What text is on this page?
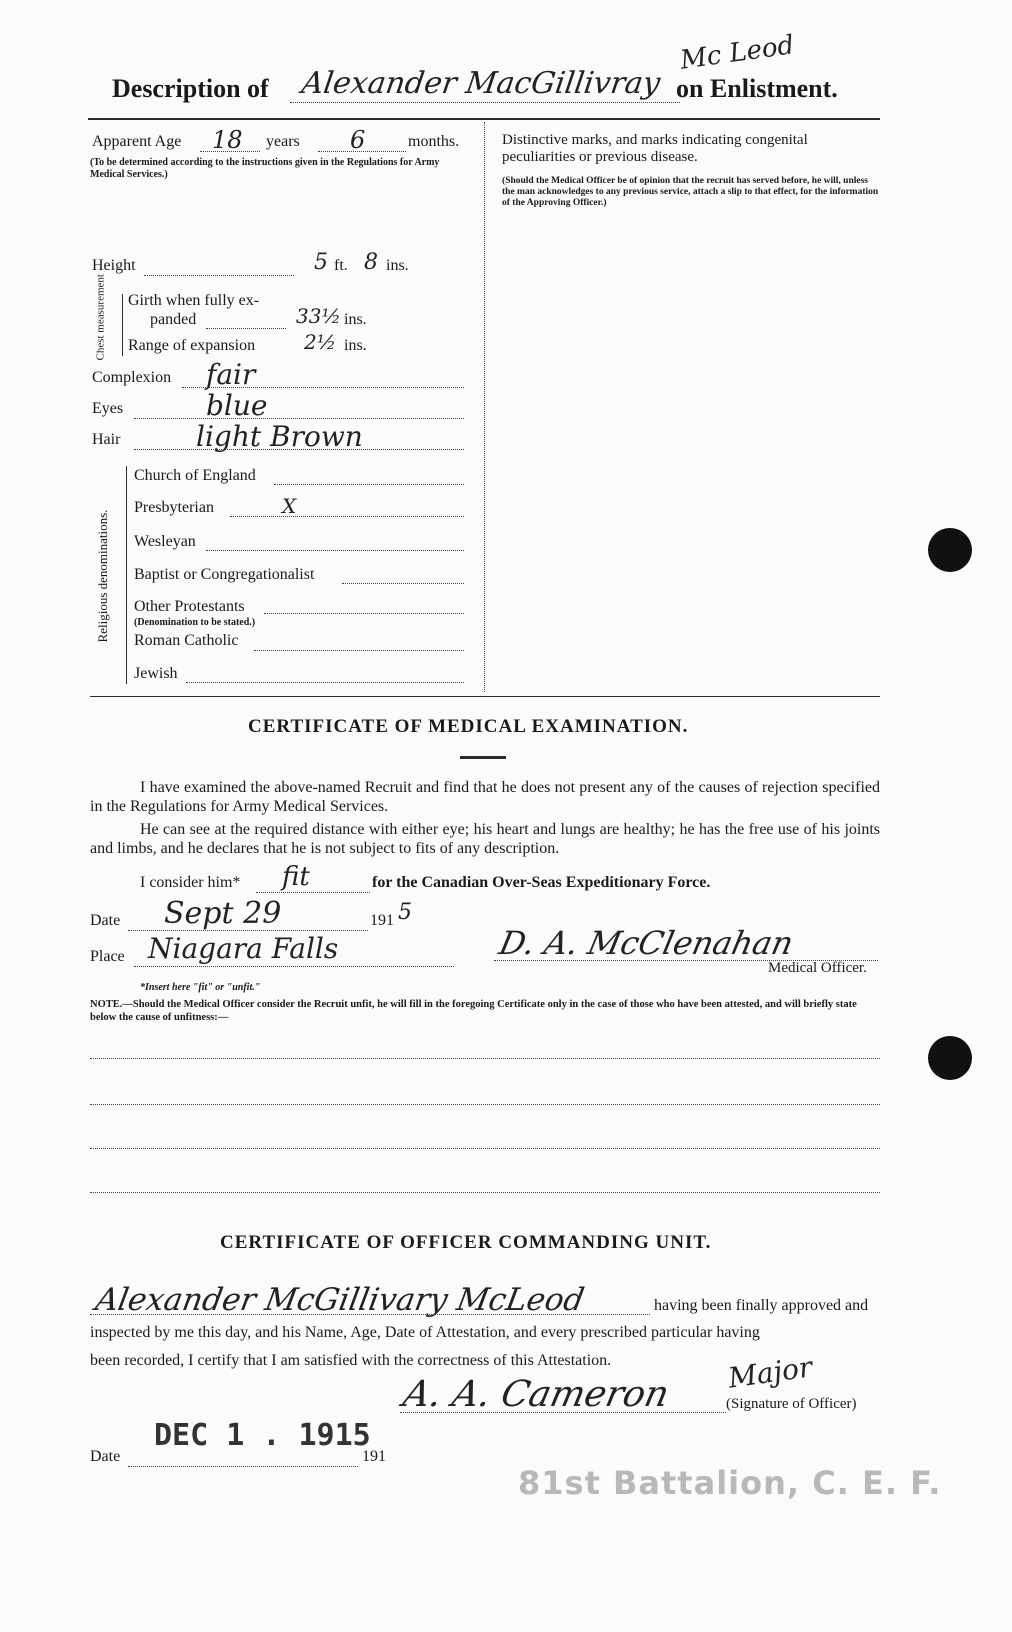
Description of Alexander MacGillivray
Mc Leod
on Enlistment.
Apparent Age 18 years 6	months.
(To be determined according to the instructions given in the Regulations for Army Medical Services.)
Distinctive marks, and marks indicating congenital peculiarities or previous disease.
(Should the Medical Officer be of opinion that the recruit has served before, he will, unless the man acknowledges to any previous service, attach a slip to that effect, for the information of the Approving Officer.)
Height	5 ft. 8 ins.
Chest measurement Girth when fully ex-
panded	33½ ins.
Range of expansion 2½ ins.
Complexion fair
Eyes	blue
Hair	light Brown
Religious denominations.
Church of England
Presbyterian	X
Wesleyan
Baptist or Congregationalist
Other Protestants
(Denomination to be stated.)
Roman Catholic
Jewish
CERTIFICATE OF MEDICAL EXAMINATION.
I have examined the above-named Recruit and find that he does not present any of the causes of rejection specified in the Regulations for Army Medical Services.
He can see at the required distance with either eye; his heart and lungs are healthy; he has the free use of his joints and limbs, and he declares that he is not subject to fits of any description.
I consider him* fit	for the Canadian Over-Seas Expeditionary Force.
Date Sept 29	191 5
Place Niagara Falls	D. A. McClenahan
Medical Officer.
*Insert here "fit" or "unfit."
NOTE.—Should the Medical Officer consider the Recruit unfit, he will fill in the foregoing Certificate only in the case of those who have been attested, and will briefly state below the cause of unfitness:—
CERTIFICATE OF OFFICER COMMANDING UNIT.
Alexander McGillivary McLeod	having been finally approved and
inspected by me this day, and his Name, Age, Date of Attestation, and every prescribed particular having
been recorded, I certify that I am satisfied with the correctness of this Attestation.
A. A. Cameron Major
(Signature of Officer)
Date
DEC 1 . 1915
191
81st Battalion, C. E. F.
